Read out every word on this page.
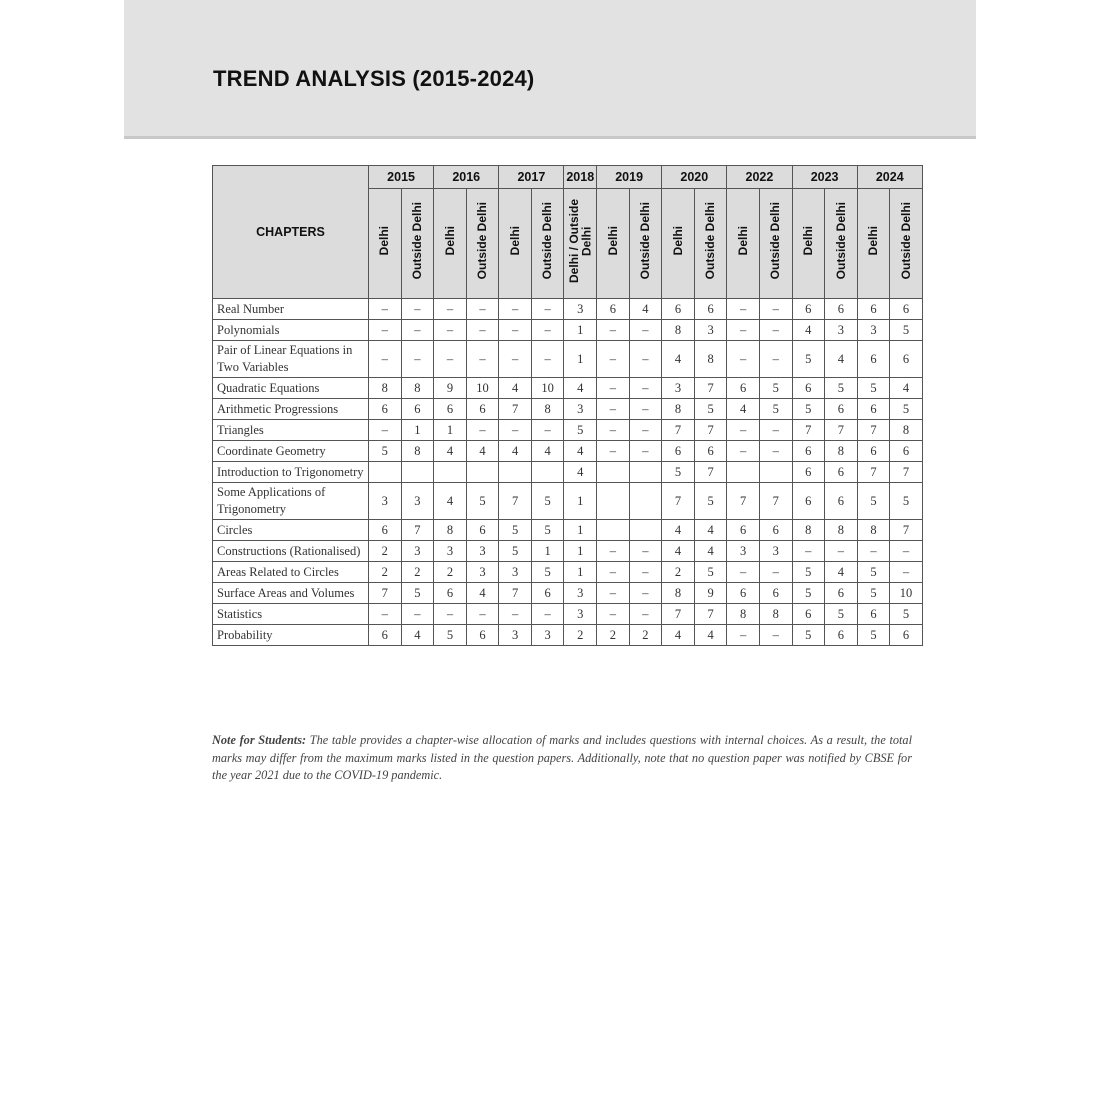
TREND ANALYSIS (2015-2024)
CHAPTERS	2015		2016		2017		2018	2019		2020		2022		2023		2024	
	Delhi	Outside Delhi	Delhi	Outside Delhi	Delhi	Outside Delhi	Delhi / Outside Delhi	Delhi	Outside Delhi	Delhi	Outside Delhi	Delhi	Outside Delhi	Delhi	Outside Delhi	Delhi	Outside Delhi
Real Number	–	–	–	–	–	–	3	6	4	6	6	–	–	6	6	6	6
Polynomials	–	–	–	–	–	–	1	–	–	8	3	–	–	4	3	3	5
Pair of Linear Equations in Two Variables	–	–	–	–	–	–	1	–	–	4	8	–	–	5	4	6	6
Quadratic Equations	8	8	9	10	4	10	4	–	–	3	7	6	5	6	5	5	4
Arithmetic Progressions	6	6	6	6	7	8	3	–	–	8	5	4	5	5	6	6	5
Triangles	–	1	1	–	–	–	5	–	–	7	7	–	–	7	7	7	8
Coordinate Geometry	5	8	4	4	4	4	4	–	–	6	6	–	–	6	8	6	6
Introduction to Trigonometry							4			5	7			6	6	7	7
Some Applications of Trigonometry	3	3	4	5	7	5	1			7	5	7	7	6	6	5	5
Circles	6	7	8	6	5	5	1			4	4	6	6	8	8	8	7
Constructions (Rationalised)	2	3	3	3	5	1	1	–	–	4	4	3	3	–	–	–	–
Areas Related to Circles	2	2	2	3	3	5	1	–	–	2	5	–	–	5	4	5	–
Surface Areas and Volumes	7	5	6	4	7	6	3	–	–	8	9	6	6	5	6	5	10
Statistics	–	–	–	–	–	–	3	–	–	7	7	8	8	6	5	6	5
Probability	6	4	5	6	3	3	2	2	2	4	4	–	–	5	6	5	6

Note for Students: The table provides a chapter-wise allocation of marks and includes questions with internal choices. As a result, the total marks may differ from the maximum marks listed in the question papers. Additionally, note that no question paper was notified by CBSE for the year 2021 due to the COVID-19 pandemic.
